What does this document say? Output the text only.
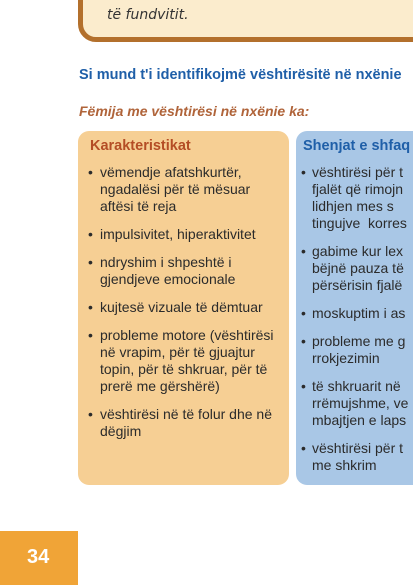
të fundvitit.
Si mund t'i identifikojmë vështirësitë në nxënie
Fëmija me vështirësi në nxënie ka:
Karakteristikat
• vëmendje afatshkurtër, ngadalësi për të mësuar aftësi të reja
• impulsivitet, hiperaktivitet
• ndryshim i shpeshtë i gjendjeve emocionale
• kujtesë vizuale të dëmtuar
• probleme motore (vështirësi në vrapim, për të gjuajtur topin, për të shkruar, për të prerë me gërshërë)
• vështirësi në të folur dhe në dëgjim
Shenjat e shfaq
• vështirësi për t
fjalët që rimojn
lidhjen mes s
tingujve  korres
• gabime kur lex
bëjnë pauza të
përsërisin fjalë
• moskuptim i as
• probleme me g
rrokjezimin
• të shkruarit në
rrëmujshme, ve
mbajtjen e laps
• vështirësi për t
me shkrim
34
